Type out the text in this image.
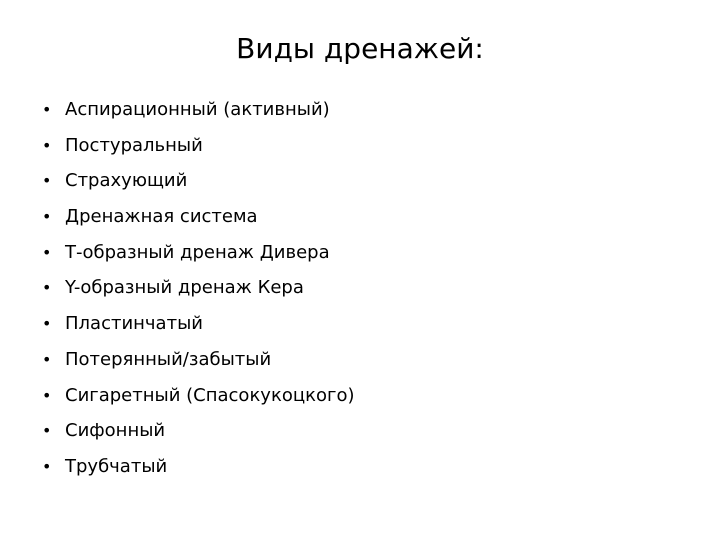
Виды дренажей:
• Аспирационный (активный)
• Постуральный
• Страхующий
• Дренажная система
• Т-образный дренаж Дивера
• Y-образный дренаж Кера
• Пластинчатый
• Потерянный/забытый
• Сигаретный (Спасокукоцкого)
• Сифонный
• Трубчатый
